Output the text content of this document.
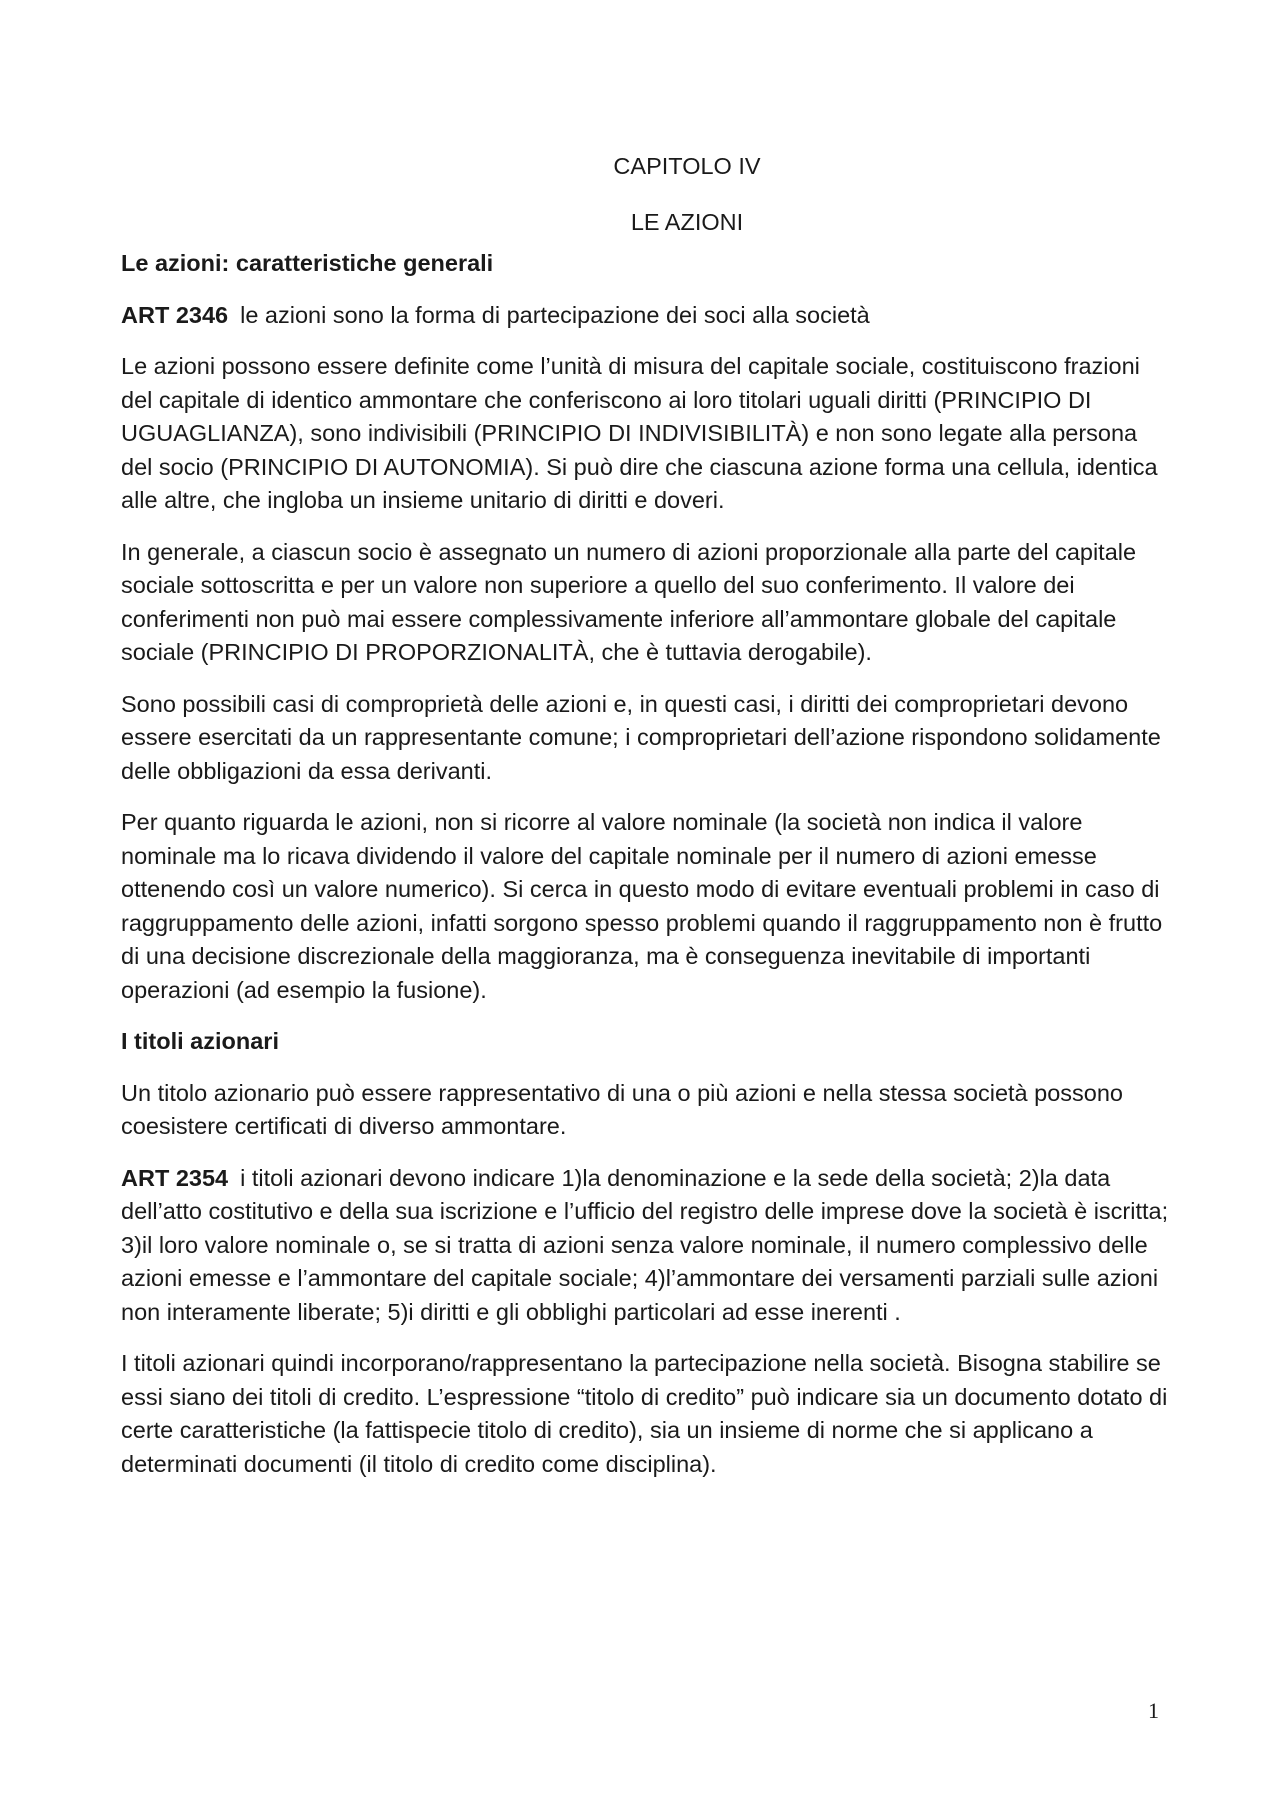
CAPITOLO IV
LE AZIONI
Le azioni: caratteristiche generali

ART 2346 le azioni sono la forma di partecipazione dei soci alla società

Le azioni possono essere definite come l’unità di misura del capitale sociale, costituiscono frazioni del capitale di identico ammontare che conferiscono ai loro titolari uguali diritti (PRINCIPIO DI UGUAGLIANZA), sono indivisibili (PRINCIPIO DI INDIVISIBILITÀ) e non sono legate alla persona del socio (PRINCIPIO DI AUTONOMIA). Si può dire che ciascuna azione forma una cellula, identica alle altre, che ingloba un insieme unitario di diritti e doveri.

In generale, a ciascun socio è assegnato un numero di azioni proporzionale alla parte del capitale sociale sottoscritta e per un valore non superiore a quello del suo conferimento. Il valore dei conferimenti non può mai essere complessivamente inferiore all’ammontare globale del capitale sociale (PRINCIPIO DI PROPORZIONALITÀ, che è tuttavia derogabile).

Sono possibili casi di comproprietà delle azioni e, in questi casi, i diritti dei comproprietari devono essere esercitati da un rappresentante comune; i comproprietari dell’azione rispondono solidamente delle obbligazioni da essa derivanti.

Per quanto riguarda le azioni, non si ricorre al valore nominale (la società non indica il valore nominale ma lo ricava dividendo il valore del capitale nominale per il numero di azioni emesse ottenendo così un valore numerico). Si cerca in questo modo di evitare eventuali problemi in caso di raggruppamento delle azioni, infatti sorgono spesso problemi quando il raggruppamento non è frutto di una decisione discrezionale della maggioranza, ma è conseguenza inevitabile di importanti operazioni (ad esempio la fusione).

I titoli azionari

Un titolo azionario può essere rappresentativo di una o più azioni e nella stessa società possono coesistere certificati di diverso ammontare.

ART 2354 i titoli azionari devono indicare 1)la denominazione e la sede della società; 2)la data dell’atto costitutivo e della sua iscrizione e l’ufficio del registro delle imprese dove la società è iscritta; 3)il loro valore nominale o, se si tratta di azioni senza valore nominale, il numero complessivo delle azioni emesse e l’ammontare del capitale sociale; 4)l’ammontare dei versamenti parziali sulle azioni non interamente liberate; 5)i diritti e gli obblighi particolari ad esse inerenti .

I titoli azionari quindi incorporano/rappresentano la partecipazione nella società. Bisogna stabilire se essi siano dei titoli di credito. L’espressione “titolo di credito” può indicare sia un documento dotato di certe caratteristiche (la fattispecie titolo di credito), sia un insieme di norme che si applicano a determinati documenti (il titolo di credito come disciplina).

1
